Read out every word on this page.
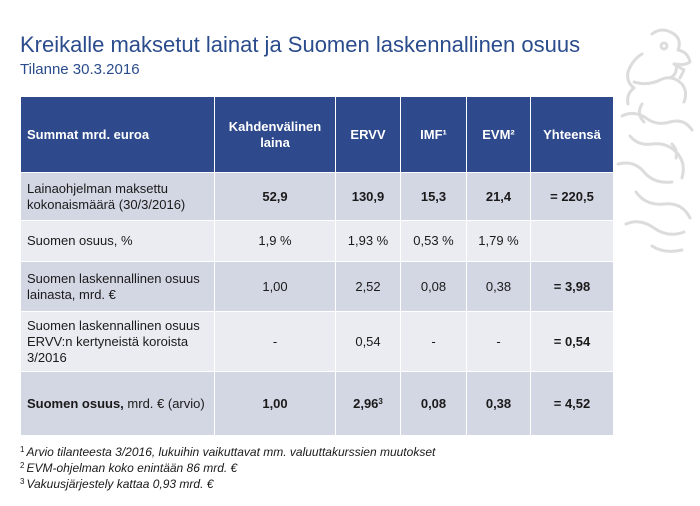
Kreikalle maksetut lainat ja Suomen laskennallinen osuus
Tilanne 30.3.2016
Summat mrd. euroa	Kahdenvälinen laina	ERVV	IMF¹	EVM²	Yhteensä
Lainaohjelman maksettu kokonaismäärä (30/3/2016)	52,9	130,9	15,3	21,4	= 220,5
Suomen osuus, %	1,9 %	1,93 %	0,53 %	1,79 %	
Suomen laskennallinen osuus lainasta, mrd. €	1,00	2,52	0,08	0,38	= 3,98
Suomen laskennallinen osuus ERVV:n kertyneistä koroista 3/2016	-	0,54	-	-	= 0,54
Suomen osuus, mrd. € (arvio)	1,00	2,96$^3$	0,08	0,38	= 4,52
$^1$ Arvio tilanteesta 3/2016, lukuihin vaikuttavat mm. valuuttakurssien muutokset
$^2$ EVM-ohjelman koko enintään 86 mrd. €
$^3$ Vakuusjärjestely kattaa 0,93 mrd. €
